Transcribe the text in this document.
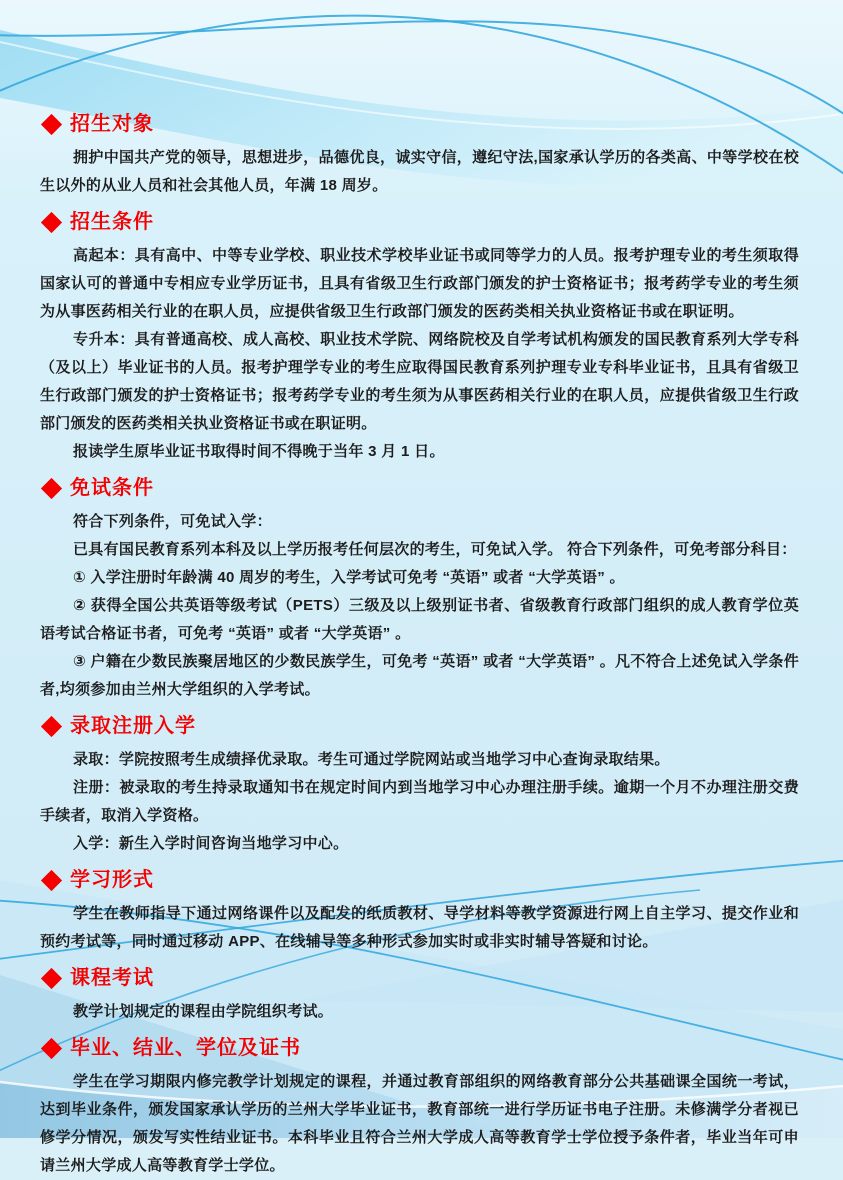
招生对象

拥护中国共产党的领导，思想进步，品德优良，诚实守信，遵纪守法,国家承认学历的各类高、中等学校在校生以外的从业人员和社会其他人员，年满 18 周岁。

招生条件

高起本：具有高中、中等专业学校、职业技术学校毕业证书或同等学力的人员。报考护理专业的考生须取得国家认可的普通中专相应专业学历证书，且具有省级卫生行政部门颁发的护士资格证书；报考药学专业的考生须为从事医药相关行业的在职人员，应提供省级卫生行政部门颁发的医药类相关执业资格证书或在职证明。

专升本：具有普通高校、成人高校、职业技术学院、网络院校及自学考试机构颁发的国民教育系列大学专科（及以上）毕业证书的人员。报考护理学专业的考生应取得国民教育系列护理专业专科毕业证书，且具有省级卫生行政部门颁发的护士资格证书；报考药学专业的考生须为从事医药相关行业的在职人员，应提供省级卫生行政部门颁发的医药类相关执业资格证书或在职证明。

报读学生原毕业证书取得时间不得晚于当年 3 月 1 日。

免试条件

符合下列条件，可免试入学：

已具有国民教育系列本科及以上学历报考任何层次的考生，可免试入学。 符合下列条件，可免考部分科目：

① 入学注册时年龄满 40 周岁的考生，入学考试可免考 “英语” 或者 “大学英语” 。

② 获得全国公共英语等级考试（PETS）三级及以上级别证书者、省级教育行政部门组织的成人教育学位英语考试合格证书者，可免考 “英语” 或者 “大学英语” 。

③ 户籍在少数民族聚居地区的少数民族学生，可免考 “英语” 或者 “大学英语” 。凡不符合上述免试入学条件者,均须参加由兰州大学组织的入学考试。

录取注册入学

录取：学院按照考生成绩择优录取。考生可通过学院网站或当地学习中心查询录取结果。

注册：被录取的考生持录取通知书在规定时间内到当地学习中心办理注册手续。逾期一个月不办理注册交费手续者，取消入学资格。

入学：新生入学时间咨询当地学习中心。

学习形式

学生在教师指导下通过网络课件以及配发的纸质教材、导学材料等教学资源进行网上自主学习、提交作业和预约考试等，同时通过移动 APP、在线辅导等多种形式参加实时或非实时辅导答疑和讨论。

课程考试

教学计划规定的课程由学院组织考试。

毕业、结业、学位及证书

学生在学习期限内修完教学计划规定的课程，并通过教育部组织的网络教育部分公共基础课全国统一考试，达到毕业条件，颁发国家承认学历的兰州大学毕业证书，教育部统一进行学历证书电子注册。未修满学分者视已修学分情况，颁发写实性结业证书。本科毕业且符合兰州大学成人高等教育学士学位授予条件者，毕业当年可申请兰州大学成人高等教育学士学位。
